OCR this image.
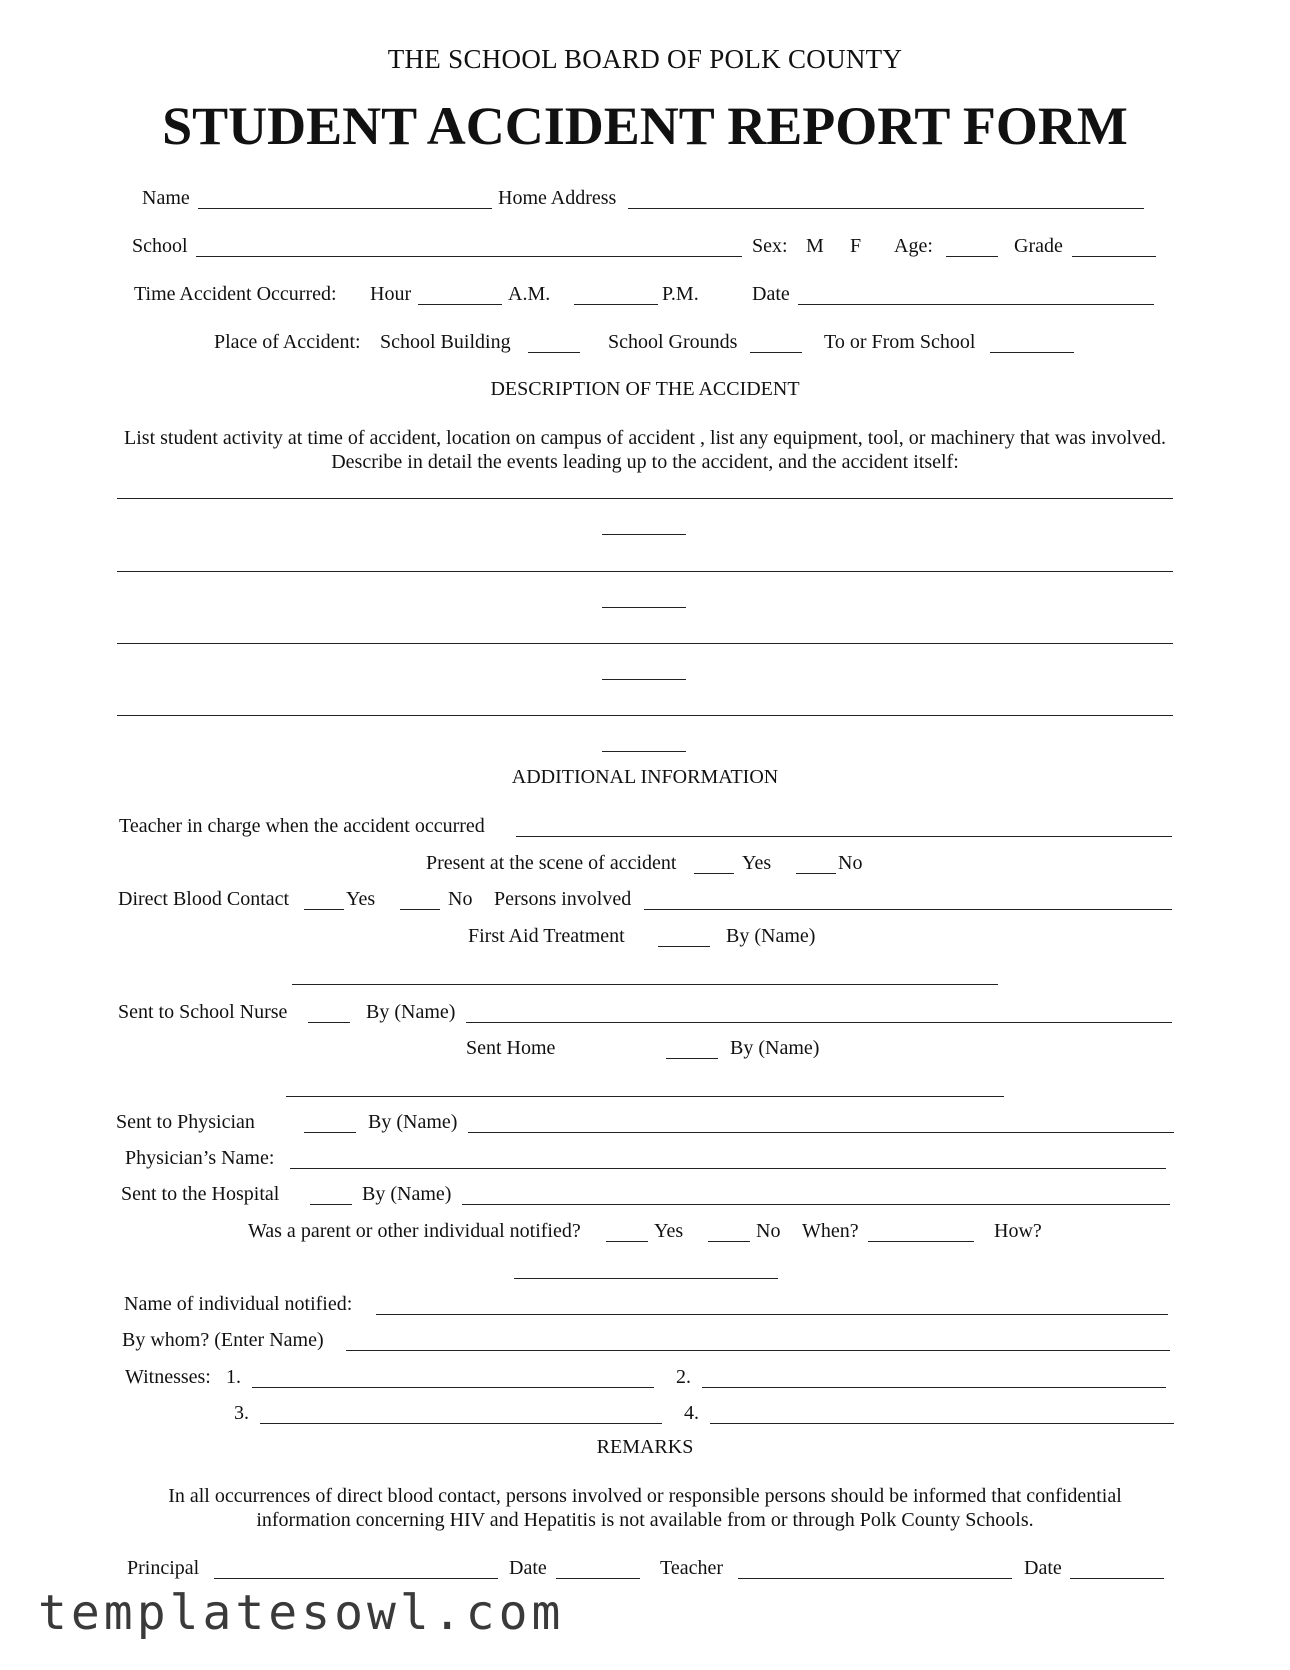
THE SCHOOL BOARD OF POLK COUNTY
STUDENT ACCIDENT REPORT FORM
Name	Home Address
School	Sex: M F Age:	Grade
Time Accident Occurred: Hour	A.M.	P.M.	Date
Place of Accident: School Building	School Grounds	To or From School
DESCRIPTION OF THE ACCIDENT
List student activity at time of accident, location on campus of accident , list any equipment, tool, or machinery that was involved. Describe in detail the events leading up to the accident, and the accident itself:
ADDITIONAL INFORMATION
Teacher in charge when the accident occurred
Present at the scene of accident	Yes	No
Direct Blood Contact	Yes	No Persons involved
First Aid Treatment	By (Name)
Sent to School Nurse	By (Name)
Sent Home	By (Name)
Sent to Physician	By (Name)
Physician’s Name:
Sent to the Hospital	By (Name)
Was a parent or other individual notified?	Yes	No When?	How?
Name of individual notified:
By whom? (Enter Name)
Witnesses: 1.	2.
3.	4.
REMARKS
In all occurrences of direct blood contact, persons involved or responsible persons should be informed that confidential information concerning HIV and Hepatitis is not available from or through Polk County Schools.
Principal	Date	Teacher	Date
templatesowl.com
